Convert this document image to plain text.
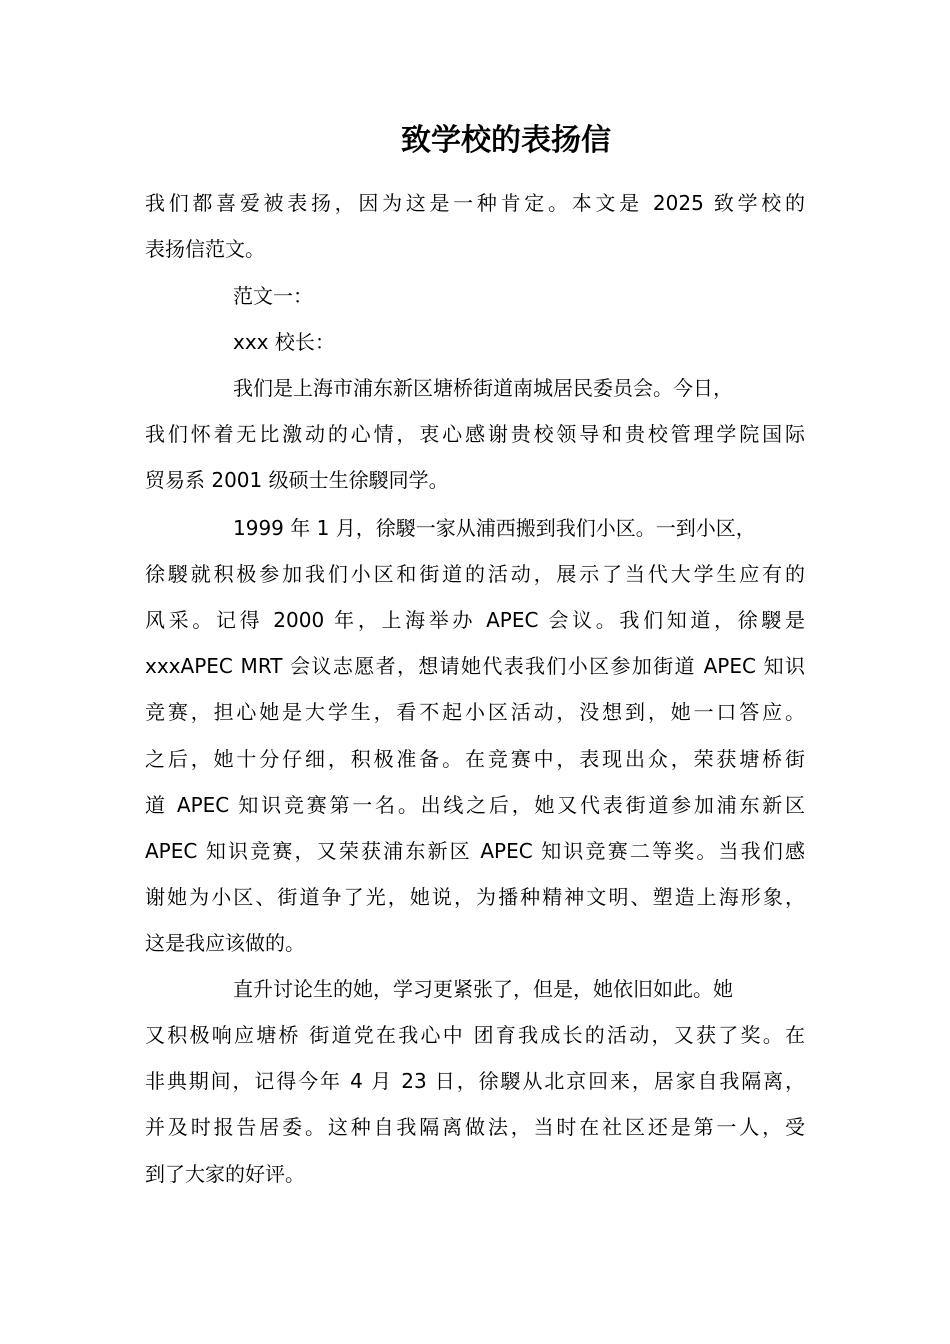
致学校的表扬信
我们都喜爱被表扬，因为这是一种肯定。本文是 2025 致学校的
表扬信范文。
范文一：
xxx 校长：
我们是上海市浦东新区塘桥街道南城居民委员会。今日，
我们怀着无比激动的心情，衷心感谢贵校领导和贵校管理学院国际
贸易系 2001 级硕士生徐騣同学。
1999 年 1 月，徐騣一家从浦西搬到我们小区。一到小区，
徐騣就积极参加我们小区和街道的活动，展示了当代大学生应有的
风采。记得 2000 年，上海举办 APEC 会议。我们知道，徐騣是
xxxAPEC MRT 会议志愿者，想请她代表我们小区参加街道 APEC 知识
竞赛，担心她是大学生，看不起小区活动，没想到，她一口答应。
之后，她十分仔细，积极准备。在竞赛中，表现出众，荣获塘桥街
道 APEC 知识竞赛第一名。出线之后，她又代表街道参加浦东新区
APEC 知识竞赛，又荣获浦东新区 APEC 知识竞赛二等奖。当我们感
谢她为小区、街道争了光，她说，为播种精神文明、塑造上海形象，
这是我应该做的。
直升讨论生的她，学习更紧张了，但是，她依旧如此。她
又积极响应塘桥 街道党在我心中 团育我成长的活动，又获了奖。在
非典期间，记得今年 4 月 23 日，徐騣从北京回来，居家自我隔离，
并及时报告居委。这种自我隔离做法，当时在社区还是第一人，受
到了大家的好评。
